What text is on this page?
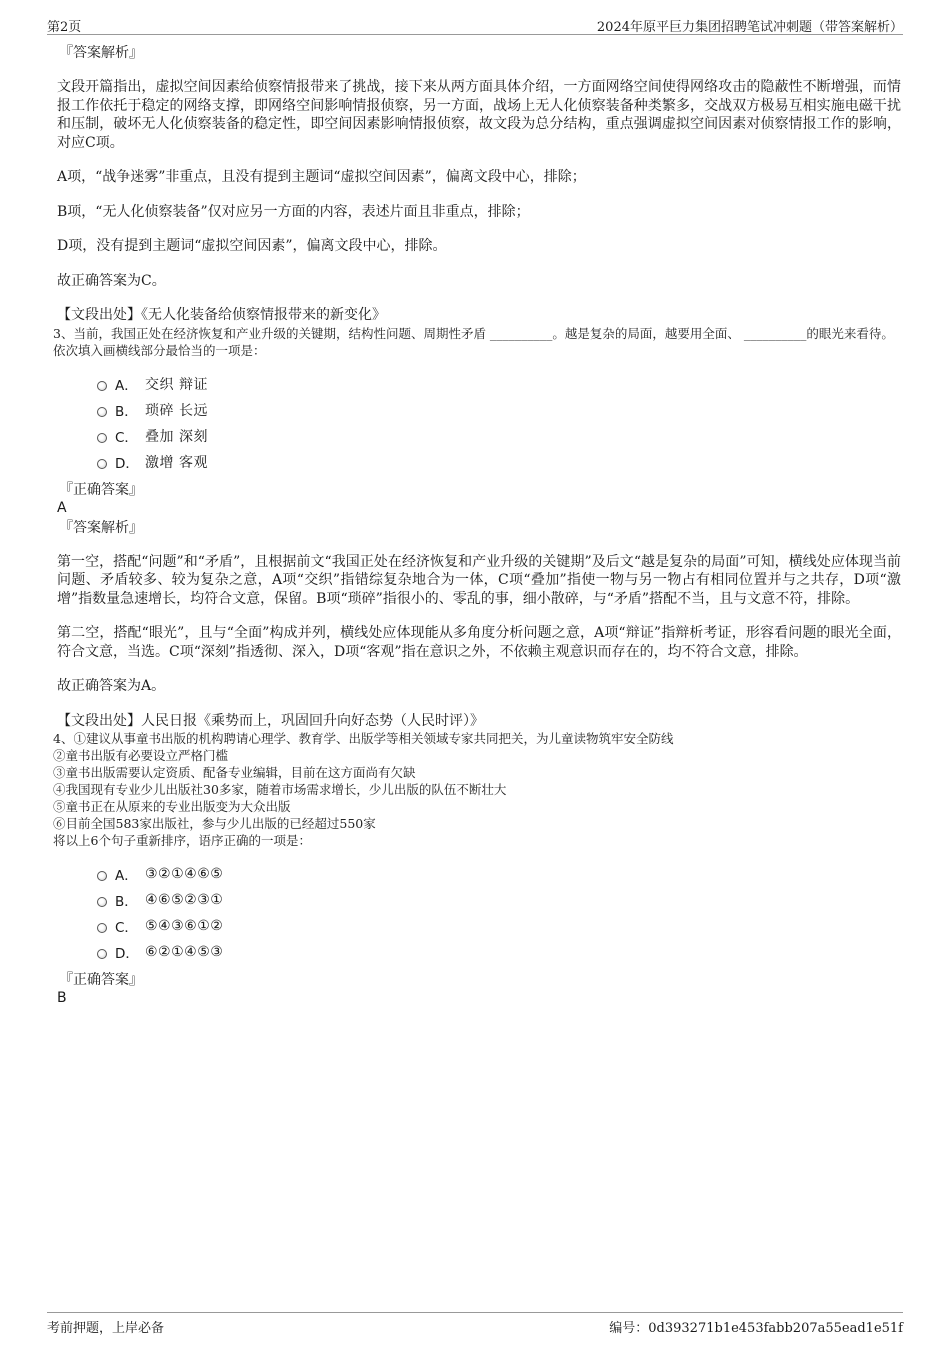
第2页	2024年原平巨力集团招聘笔试冲刺题（带答案解析）
『答案解析』
文段开篇指出，虚拟空间因素给侦察情报带来了挑战，接下来从两方面具体介绍，一方面网络空间使得网络攻击的隐蔽性不断增强，而情报工作依托于稳定的网络支撑，即网络空间影响情报侦察，另一方面，战场上无人化侦察装备种类繁多，交战双方极易互相实施电磁干扰和压制，破坏无人化侦察装备的稳定性，即空间因素影响情报侦察，故文段为总分结构，重点强调虚拟空间因素对侦察情报工作的影响，对应C项。
A项，“战争迷雾”非重点，且没有提到主题词“虚拟空间因素”，偏离文段中心，排除；
B项，“无人化侦察装备”仅对应另一方面的内容，表述片面且非重点，排除；
D项，没有提到主题词“虚拟空间因素”，偏离文段中心，排除。
故正确答案为C。
【文段出处】《无人化装备给侦察情报带来的新变化》
3、当前，我国正处在经济恢复和产业升级的关键期，结构性问题、周期性矛盾 __________。越是复杂的局面，越要用全面、 __________的眼光来看待。
依次填入画横线部分最恰当的一项是：
A． 交织 辩证
B． 琐碎 长远
C． 叠加 深刻
D． 激增 客观
『正确答案』
A
『答案解析』
第一空，搭配“问题”和“矛盾”，且根据前文“我国正处在经济恢复和产业升级的关键期”及后文“越是复杂的局面”可知，横线处应体现当前问题、矛盾较多、较为复杂之意，A项“交织”指错综复杂地合为一体，C项“叠加”指使一物与另一物占有相同位置并与之共存，D项“激增”指数量急速增长，均符合文意，保留。B项“琐碎”指很小的、零乱的事，细小散碎，与“矛盾”搭配不当，且与文意不符，排除。
第二空，搭配“眼光”，且与“全面”构成并列，横线处应体现能从多角度分析问题之意，A项“辩证”指辩析考证，形容看问题的眼光全面，符合文意，当选。C项“深刻”指透彻、深入，D项“客观”指在意识之外，不依赖主观意识而存在的，均不符合文意，排除。
故正确答案为A。
【文段出处】人民日报《乘势而上，巩固回升向好态势（人民时评）》
4、①建议从事童书出版的机构聘请心理学、教育学、出版学等相关领域专家共同把关，为儿童读物筑牢安全防线
②童书出版有必要设立严格门槛
③童书出版需要认定资质、配备专业编辑，目前在这方面尚有欠缺
④我国现有专业少儿出版社30多家，随着市场需求增长，少儿出版的队伍不断壮大
⑤童书正在从原来的专业出版变为大众出版
⑥目前全国583家出版社，参与少儿出版的已经超过550家
将以上6个句子重新排序，语序正确的一项是：
A． ③②①④⑥⑤
B． ④⑥⑤②③①
C． ⑤④③⑥①②
D． ⑥②①④⑤③
『正确答案』
B
考前押题，上岸必备	编号：0d393271b1e453fabb207a55ead1e51f
